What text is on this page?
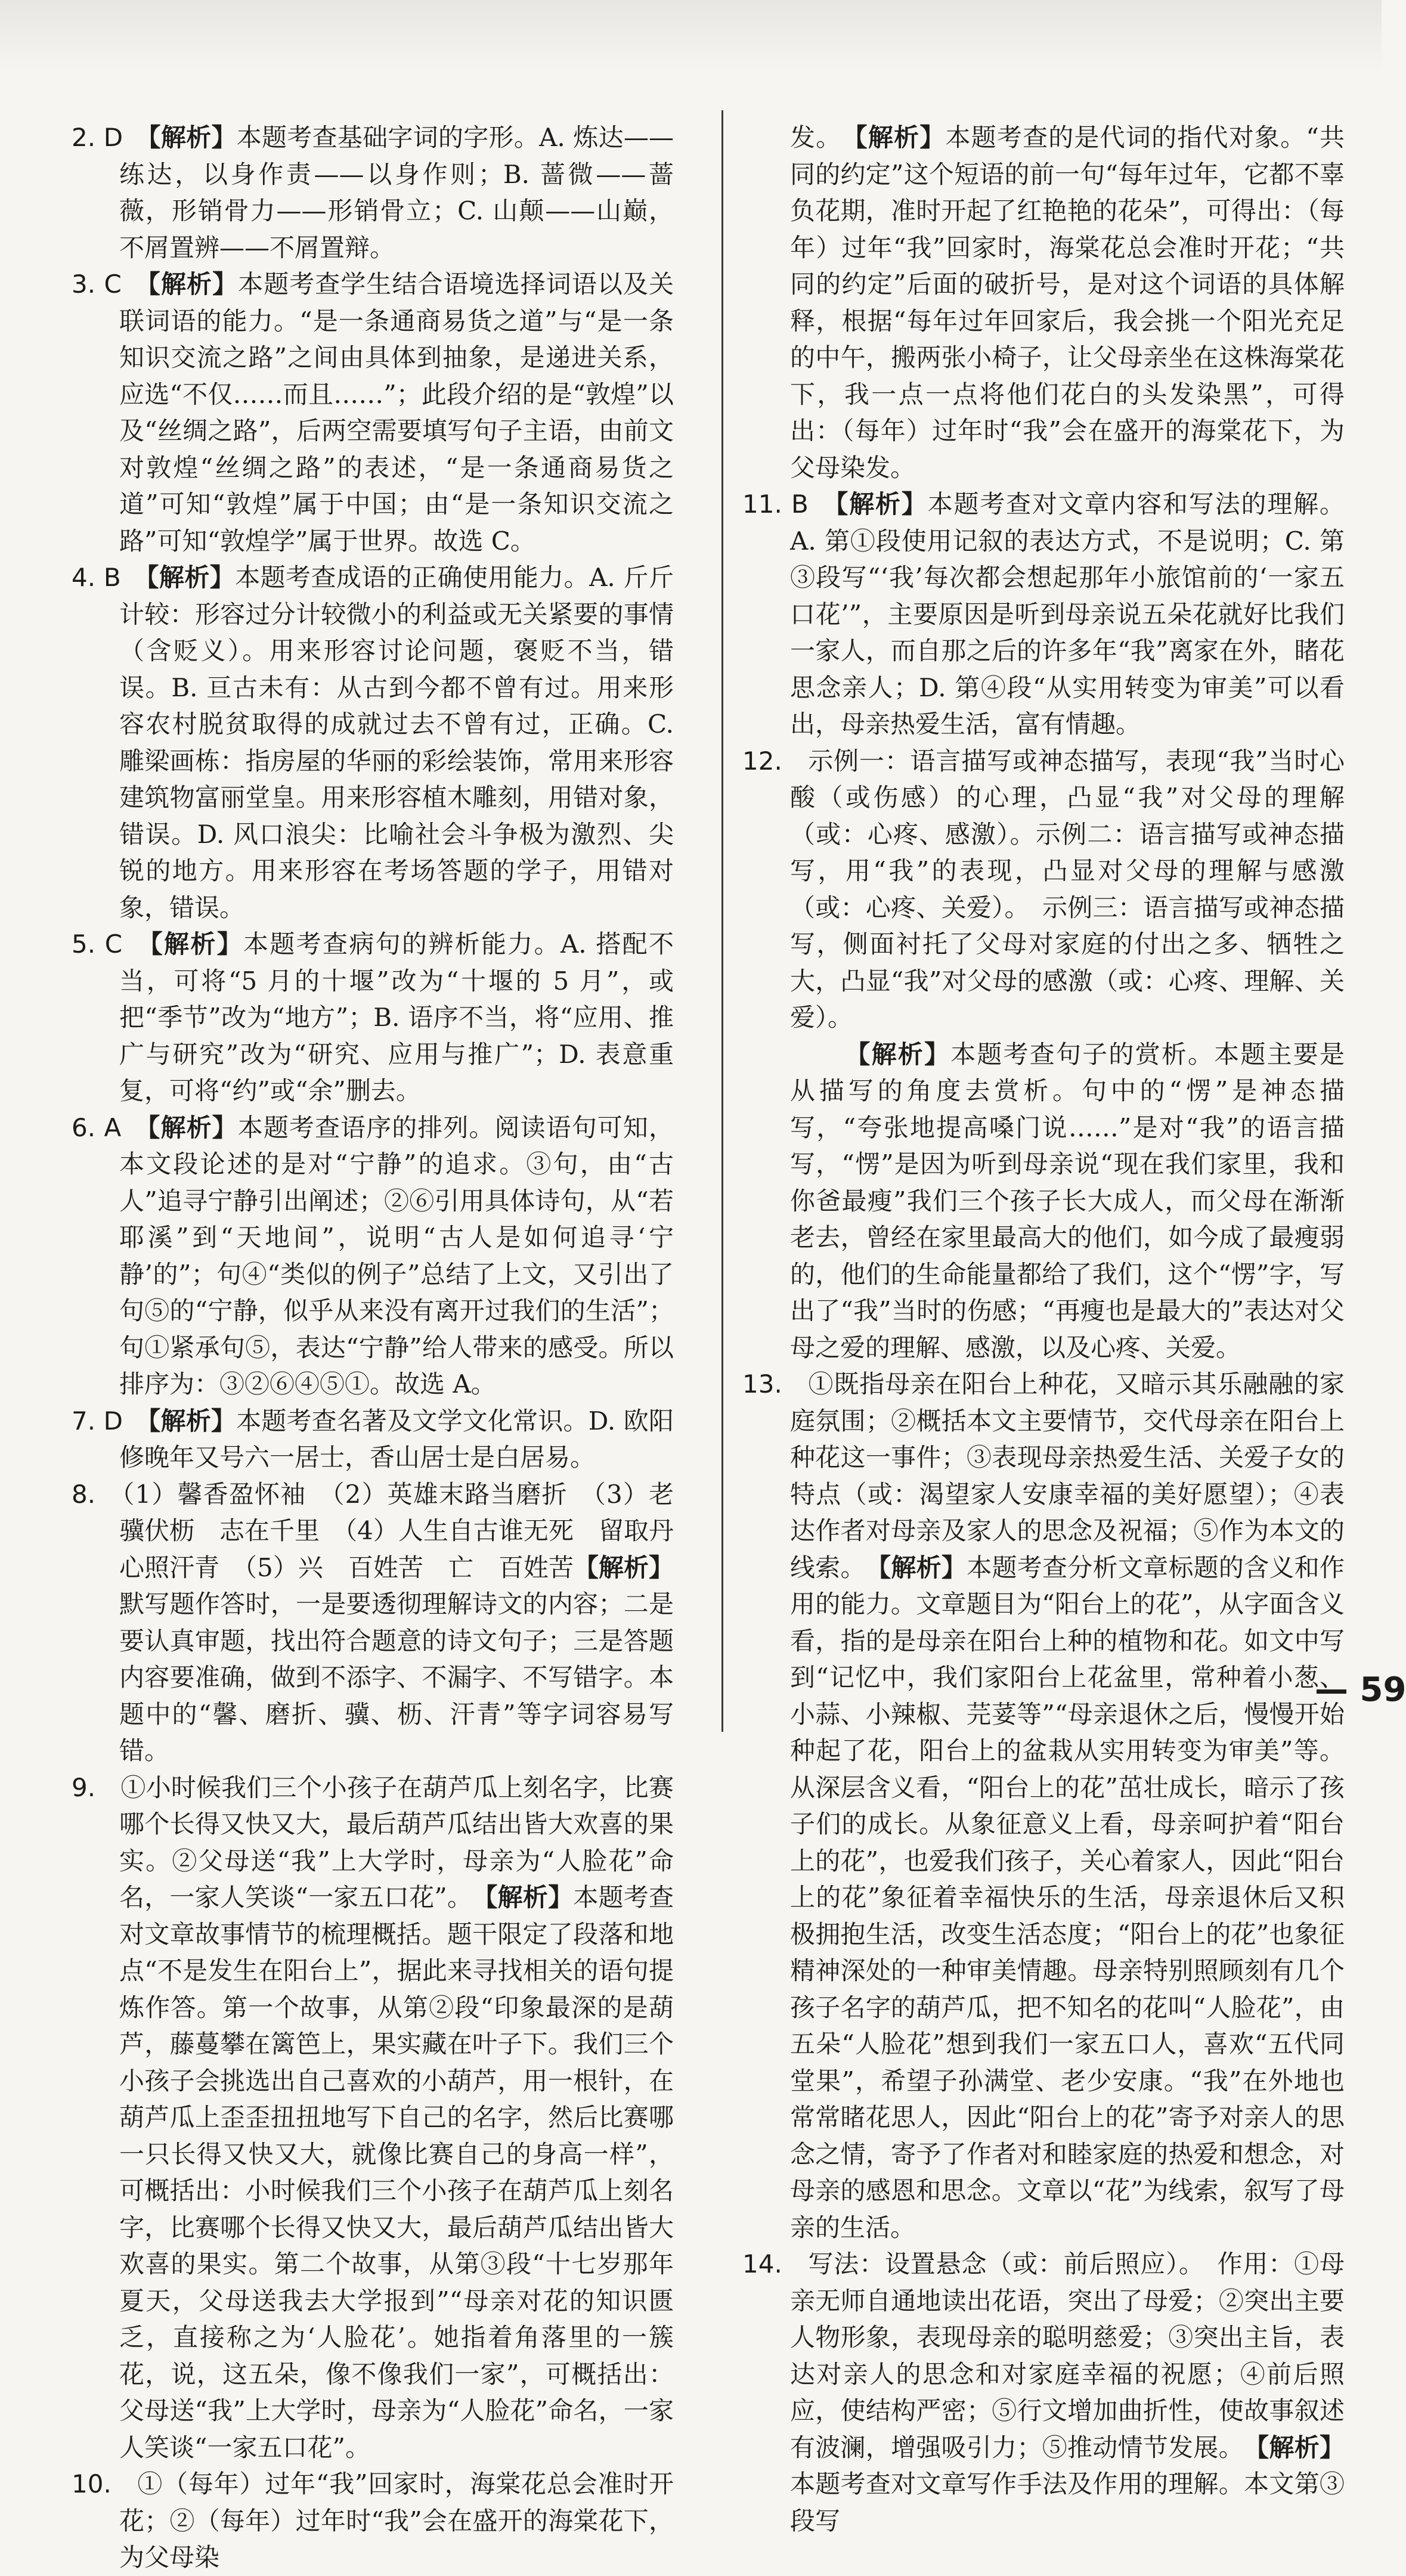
2. D　 【解析】本题考查基础字词的字形。A. 炼达——练达，以身作责——以身作则；B. 蔷微——蔷薇，形销骨力——形销骨立；C. 山颠——山巅，不屑置辨——不屑置辩。

3. C　 【解析】本题考查学生结合语境选择词语以及关联词语的能力。“是一条通商易货之道”与“是一条知识交流之路”之间由具体到抽象，是递进关系，应选“不仅……而且……”；此段介绍的是“敦煌”以及“丝绸之路”，后两空需要填写句子主语，由前文对敦煌“丝绸之路”的表述，“是一条通商易货之道”可知“敦煌”属于中国；由“是一条知识交流之路”可知“敦煌学”属于世界。故选 C。

4. B　 【解析】本题考查成语的正确使用能力。A. 斤斤计较：形容过分计较微小的利益或无关紧要的事情（含贬义）。用来形容讨论问题，褒贬不当，错误。B. 亘古未有：从古到今都不曾有过。用来形容农村脱贫取得的成就过去不曾有过，正确。C. 雕梁画栋：指房屋的华丽的彩绘装饰，常用来形容建筑物富丽堂皇。用来形容植木雕刻，用错对象，错误。D. 风口浪尖：比喻社会斗争极为激烈、尖锐的地方。用来形容在考场答题的学子，用错对象，错误。

5. C　 【解析】本题考查病句的辨析能力。A. 搭配不当，可将“5 月的十堰”改为“十堰的 5 月”，或把“季节”改为“地方”；B. 语序不当，将“应用、推广与研究”改为“研究、应用与推广”；D. 表意重复，可将“约”或“余”删去。

6. A　 【解析】本题考查语序的排列。阅读语句可知，本文段论述的是对“宁静”的追求。③句，由“古人”追寻宁静引出阐述；②⑥引用具体诗句，从“若耶溪”到“天地间”，说明“古人是如何追寻‘宁静’的”；句④“类似的例子”总结了上文，又引出了句⑤的“宁静，似乎从来没有离开过我们的生活”；句①紧承句⑤，表达“宁静”给人带来的感受。所以排序为：③②⑥④⑤①。故选 A。

7. D　 【解析】本题考查名著及文学文化常识。D. 欧阳修晚年又号六一居士，香山居士是白居易。

8.　 （1）馨香盈怀袖　（2）英雄末路当磨折　（3）老骥伏枥　志在千里　（4）人生自古谁无死　留取丹心照汗青　（5）兴　百姓苦　亡　百姓苦【解析】默写题作答时，一是要透彻理解诗文的内容；二是要认真审题，找出符合题意的诗文句子；三是答题内容要准确，做到不添字、不漏字、不写错字。本题中的“馨、磨折、骥、枥、汗青”等字词容易写错。

9.　 ①小时候我们三个小孩子在葫芦瓜上刻名字，比赛哪个长得又快又大，最后葫芦瓜结出皆大欢喜的果实。②父母送“我”上大学时，母亲为“人脸花”命名，一家人笑谈“一家五口花”。　 【解析】本题考查对文章故事情节的梳理概括。题干限定了段落和地点“不是发生在阳台上”，据此来寻找相关的语句提炼作答。第一个故事，从第②段“印象最深的是葫芦，藤蔓攀在篱笆上，果实藏在叶子下。我们三个小孩子会挑选出自己喜欢的小葫芦，用一根针，在葫芦瓜上歪歪扭扭地写下自己的名字，然后比赛哪一只长得又快又大，就像比赛自己的身高一样”，可概括出：小时候我们三个小孩子在葫芦瓜上刻名字，比赛哪个长得又快又大，最后葫芦瓜结出皆大欢喜的果实。第二个故事，从第③段“十七岁那年夏天，父母送我去大学报到”“母亲对花的知识匮乏，直接称之为‘人脸花’。她指着角落里的一簇花，说，这五朵，像不像我们一家”，可概括出：父母送“我”上大学时，母亲为“人脸花”命名，一家人笑谈“一家五口花”。

10.　 ①（每年）过年“我”回家时，海棠花总会准时开花；②（每年）过年时“我”会在盛开的海棠花下，为父母染

发。　 【解析】本题考查的是代词的指代对象。“共同的约定”这个短语的前一句“每年过年，它都不辜负花期，准时开起了红艳艳的花朵”，可得出：（每年）过年“我”回家时，海棠花总会准时开花；“共同的约定”后面的破折号，是对这个词语的具体解释，根据“每年过年回家后，我会挑一个阳光充足的中午，搬两张小椅子，让父母亲坐在这株海棠花下，我一点一点将他们花白的头发染黑”，可得出：（每年）过年时“我”会在盛开的海棠花下，为父母染发。

11. B　 【解析】本题考查对文章内容和写法的理解。A. 第①段使用记叙的表达方式，不是说明；C. 第③段写“‘我’每次都会想起那年小旅馆前的‘一家五口花’”，主要原因是听到母亲说五朵花就好比我们一家人，而自那之后的许多年“我”离家在外，睹花思念亲人；D. 第④段“从实用转变为审美”可以看出，母亲热爱生活，富有情趣。

12.　 示例一：语言描写或神态描写，表现“我”当时心酸（或伤感）的心理，凸显“我”对父母的理解（或：心疼、感激）。示例二：语言描写或神态描写，用“我”的表现，凸显对父母的理解与感激（或：心疼、关爱）。　示例三：语言描写或神态描写，侧面衬托了父母对家庭的付出之多、牺牲之大，凸显“我”对父母的感激（或：心疼、理解、关爱）。

【解析】本题考查句子的赏析。本题主要是从描写的角度去赏析。句中的“愣”是神态描写，“夸张地提高嗓门说……”是对“我”的语言描写，“愣”是因为听到母亲说“现在我们家里，我和你爸最瘦”我们三个孩子长大成人，而父母在渐渐老去，曾经在家里最高大的他们，如今成了最瘦弱的，他们的生命能量都给了我们，这个“愣”字，写出了“我”当时的伤感；“再瘦也是最大的”表达对父母之爱的理解、感激，以及心疼、关爱。

13.　 ①既指母亲在阳台上种花，又暗示其乐融融的家庭氛围；②概括本文主要情节，交代母亲在阳台上种花这一事件；③表现母亲热爱生活、关爱子女的特点（或：渴望家人安康幸福的美好愿望）；④表达作者对母亲及家人的思念及祝福；⑤作为本文的线索。　 【解析】本题考查分析文章标题的含义和作用的能力。文章题目为“阳台上的花”，从字面含义看，指的是母亲在阳台上种的植物和花。如文中写到“记忆中，我们家阳台上花盆里，常种着小葱、小蒜、小辣椒、芫荽等”“母亲退休之后，慢慢开始种起了花，阳台上的盆栽从实用转变为审美”等。从深层含义看，“阳台上的花”茁壮成长，暗示了孩子们的成长。从象征意义上看，母亲呵护着“阳台上的花”，也爱我们孩子，关心着家人，因此“阳台上的花”象征着幸福快乐的生活，母亲退休后又积极拥抱生活，改变生活态度；“阳台上的花”也象征精神深处的一种审美情趣。母亲特别照顾刻有几个孩子名字的葫芦瓜，把不知名的花叫“人脸花”，由五朵“人脸花”想到我们一家五口人，喜欢“五代同堂果”，希望子孙满堂、老少安康。“我”在外地也常常睹花思人，因此“阳台上的花”寄予对亲人的思念之情，寄予了作者对和睦家庭的热爱和想念，对母亲的感恩和思念。文章以“花”为线索，叙写了母亲的生活。

14.　 写法：设置悬念（或：前后照应）。　作用：①母亲无师自通地读出花语，突出了母爱；②突出主要人物形象，表现母亲的聪明慈爱；③突出主旨，表达对亲人的思念和对家庭幸福的祝愿；④前后照应，使结构严密；⑤行文增加曲折性，使故事叙述有波澜，增强吸引力；⑤推动情节发展。　 【解析】本题考查对文章写作手法及作用的理解。本文第③段写

— 59
